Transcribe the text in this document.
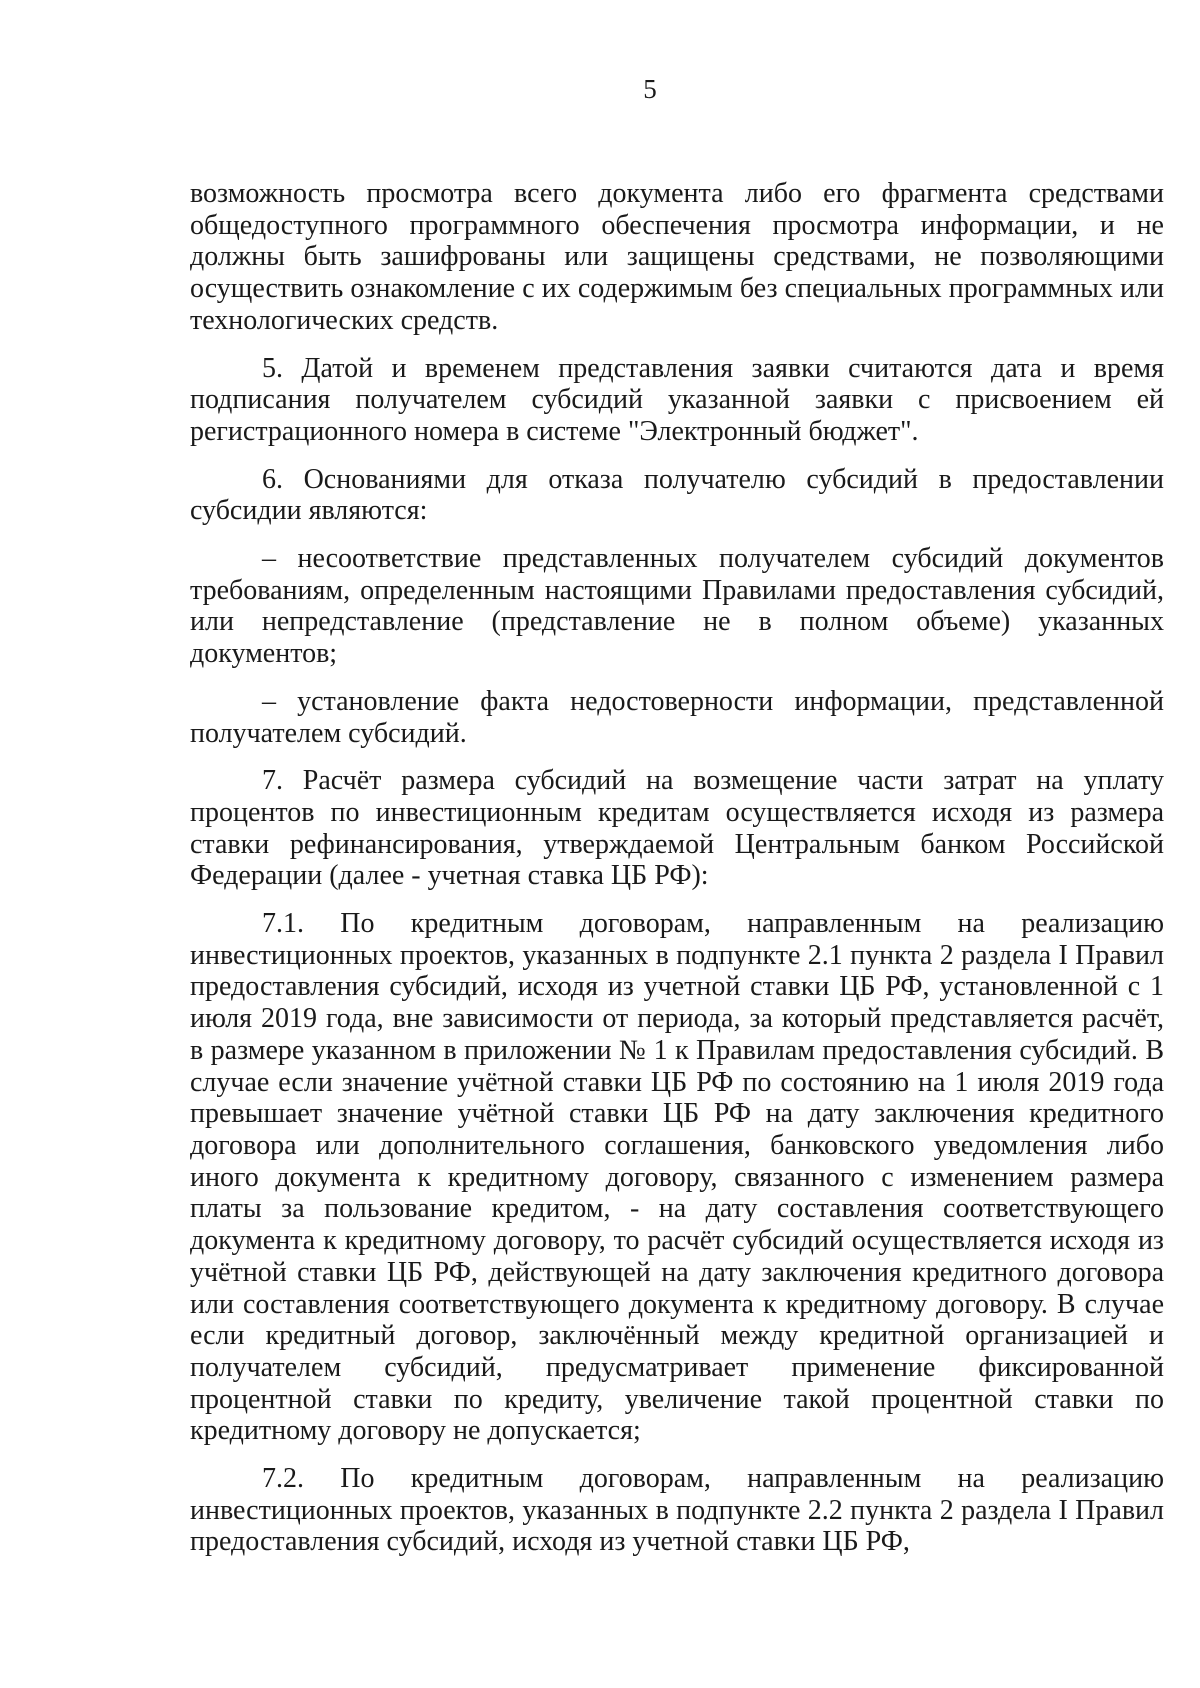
5

возможность просмотра всего документа либо его фрагмента средствами общедоступного программного обеспечения просмотра информации, и не должны быть зашифрованы или защищены средствами, не позволяющими осуществить ознакомление с их содержимым без специальных программных или технологических средств.

5. Датой и временем представления заявки считаются дата и время подписания получателем субсидий указанной заявки с присвоением ей регистрационного номера в системе "Электронный бюджет".

6. Основаниями для отказа получателю субсидий в предоставлении субсидии являются:

– несоответствие представленных получателем субсидий документов требованиям, определенным настоящими Правилами предоставления субсидий, или непредставление (представление не в полном объеме) указанных документов;

– установление факта недостоверности информации, представленной получателем субсидий.

7. Расчёт размера субсидий на возмещение части затрат на уплату процентов по инвестиционным кредитам осуществляется исходя из размера ставки рефинансирования, утверждаемой Центральным банком Российской Федерации (далее - учетная ставка ЦБ РФ):

7.1. По кредитным договорам, направленным на реализацию инвестиционных проектов, указанных в подпункте 2.1 пункта 2 раздела I Правил предоставления субсидий, исходя из учетной ставки ЦБ РФ, установленной с 1 июля 2019 года, вне зависимости от периода, за который представляется расчёт, в размере указанном в приложении № 1 к Правилам предоставления субсидий. В случае если значение учётной ставки ЦБ РФ по состоянию на 1 июля 2019 года превышает значение учётной ставки ЦБ РФ на дату заключения кредитного договора или дополнительного соглашения, банковского уведомления либо иного документа к кредитному договору, связанного с изменением размера платы за пользование кредитом, - на дату составления соответствующего документа к кредитному договору, то расчёт субсидий осуществляется исходя из учётной ставки ЦБ РФ, действующей на дату заключения кредитного договора или составления соответствующего документа к кредитному договору. В случае если кредитный договор, заключённый между кредитной организацией и получателем субсидий, предусматривает применение фиксированной процентной ставки по кредиту, увеличение такой процентной ставки по кредитному договору не допускается;

7.2. По кредитным договорам, направленным на реализацию инвестиционных проектов, указанных в подпункте 2.2 пункта 2 раздела I Правил предоставления субсидий, исходя из учетной ставки ЦБ РФ,
